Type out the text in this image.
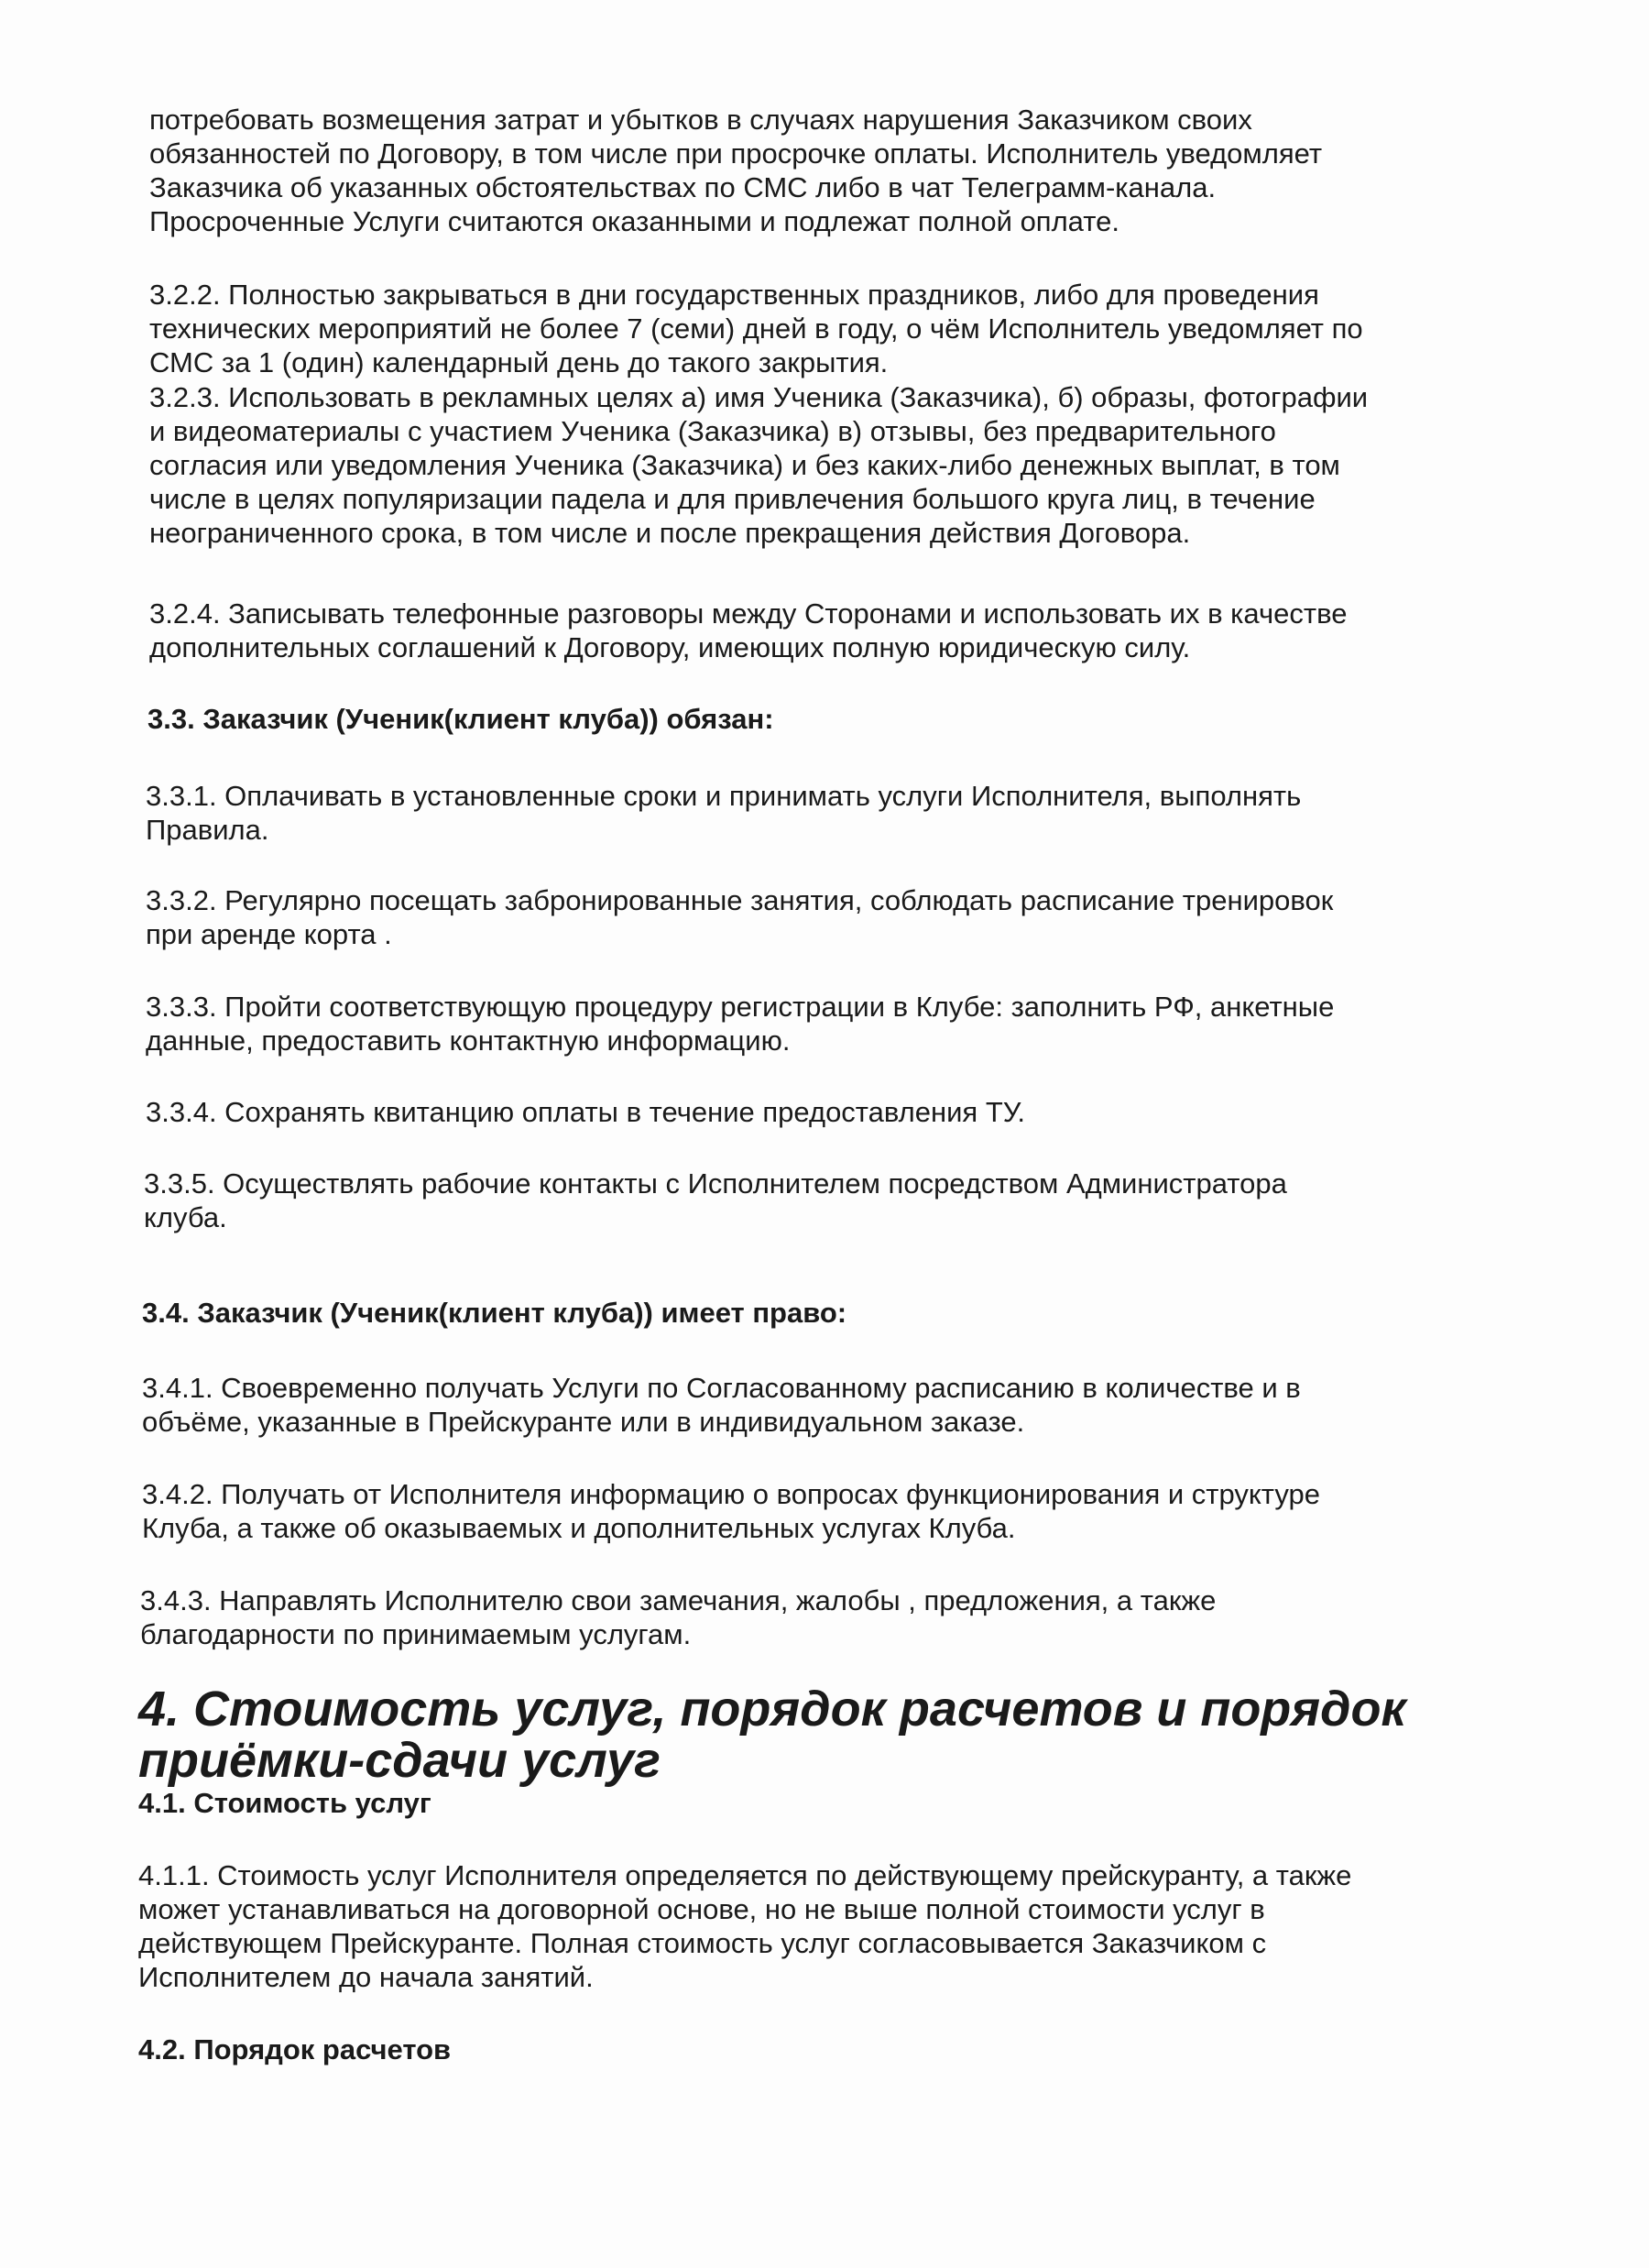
потребовать возмещения затрат и убытков в случаях нарушения Заказчиком своих
обязанностей по Договору, в том числе при просрочке оплаты. Исполнитель уведомляет
Заказчика об указанных обстоятельствах по СМС либо в чат Телеграмм-канала.
Просроченные Услуги считаются оказанными и подлежат полной оплате.

3.2.2. Полностью закрываться в дни государственных праздников, либо для проведения
технических мероприятий не более 7 (семи) дней в году, о чём Исполнитель уведомляет по
СМС за 1 (один) календарный день до такого закрытия.

3.2.3. Использовать в рекламных целях а) имя Ученика (Заказчика), б) образы, фотографии
и видеоматериалы с участием Ученика (Заказчика) в) отзывы, без предварительного
согласия или уведомления Ученика (Заказчика) и без каких-либо денежных выплат, в том
числе в целях популяризации падела и для привлечения большого круга лиц, в течение
неограниченного срока, в том числе и после прекращения действия Договора.

3.2.4. Записывать телефонные разговоры между Сторонами и использовать их в качестве
дополнительных соглашений к Договору, имеющих полную юридическую силу.

3.3. Заказчик (Ученик(клиент клуба)) обязан:

3.3.1. Оплачивать в установленные сроки и принимать услуги Исполнителя, выполнять
Правила.

3.3.2. Регулярно посещать забронированные занятия, соблюдать расписание тренировок
при аренде корта .

3.3.3. Пройти соответствующую процедуру регистрации в Клубе: заполнить РФ, анкетные
данные, предоставить контактную информацию.

3.3.4. Сохранять квитанцию оплаты в течение предоставления ТУ.

3.3.5. Осуществлять рабочие контакты с Исполнителем посредством Администратора
клуба.

3.4. Заказчик (Ученик(клиент клуба)) имеет право:

3.4.1. Своевременно получать Услуги по Согласованному расписанию в количестве и в
объёме, указанные в Прейскуранте или в индивидуальном заказе.

3.4.2. Получать от Исполнителя информацию о вопросах функционирования и структуре
Клуба, а также об оказываемых и дополнительных услугах Клуба.

3.4.3. Направлять Исполнителю свои замечания, жалобы , предложения, а также
благодарности по принимаемым услугам.

4. Стоимость услуг, порядок расчетов и порядок
приёмки-сдачи услуг

4.1. Стоимость услуг

4.1.1. Стоимость услуг Исполнителя определяется по действующему прейскуранту, а также
может устанавливаться на договорной основе, но не выше полной стоимости услуг в
действующем Прейскуранте. Полная стоимость услуг согласовывается Заказчиком с
Исполнителем до начала занятий.

4.2. Порядок расчетов
